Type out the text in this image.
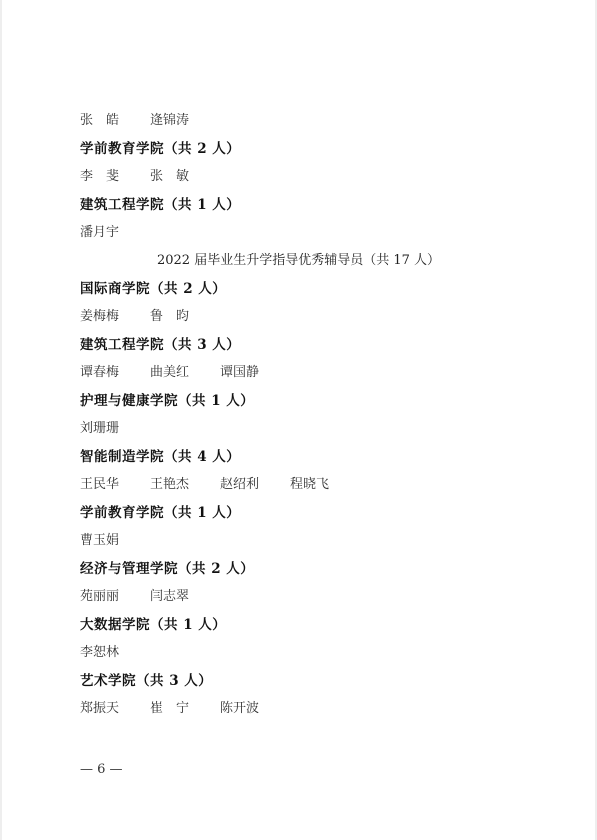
张　皓 逄锦涛
学前教育学院（共 2 人）
李　斐 张　敏
建筑工程学院（共 1 人）
潘月宇
2022 届毕业生升学指导优秀辅导员（共 17 人）
国际商学院（共 2 人）
姜梅梅 鲁　昀
建筑工程学院（共 3 人）
谭春梅 曲美红 谭国静
护理与健康学院（共 1 人）
刘珊珊
智能制造学院（共 4 人）
王民华 王艳杰 赵绍利 程晓飞
学前教育学院（共 1 人）
曹玉娟
经济与管理学院（共 2 人）
苑丽丽 闫志翠
大数据学院（共 1 人）
李恕林
艺术学院（共 3 人）
郑振天 崔　宁 陈开波
— 6 —
